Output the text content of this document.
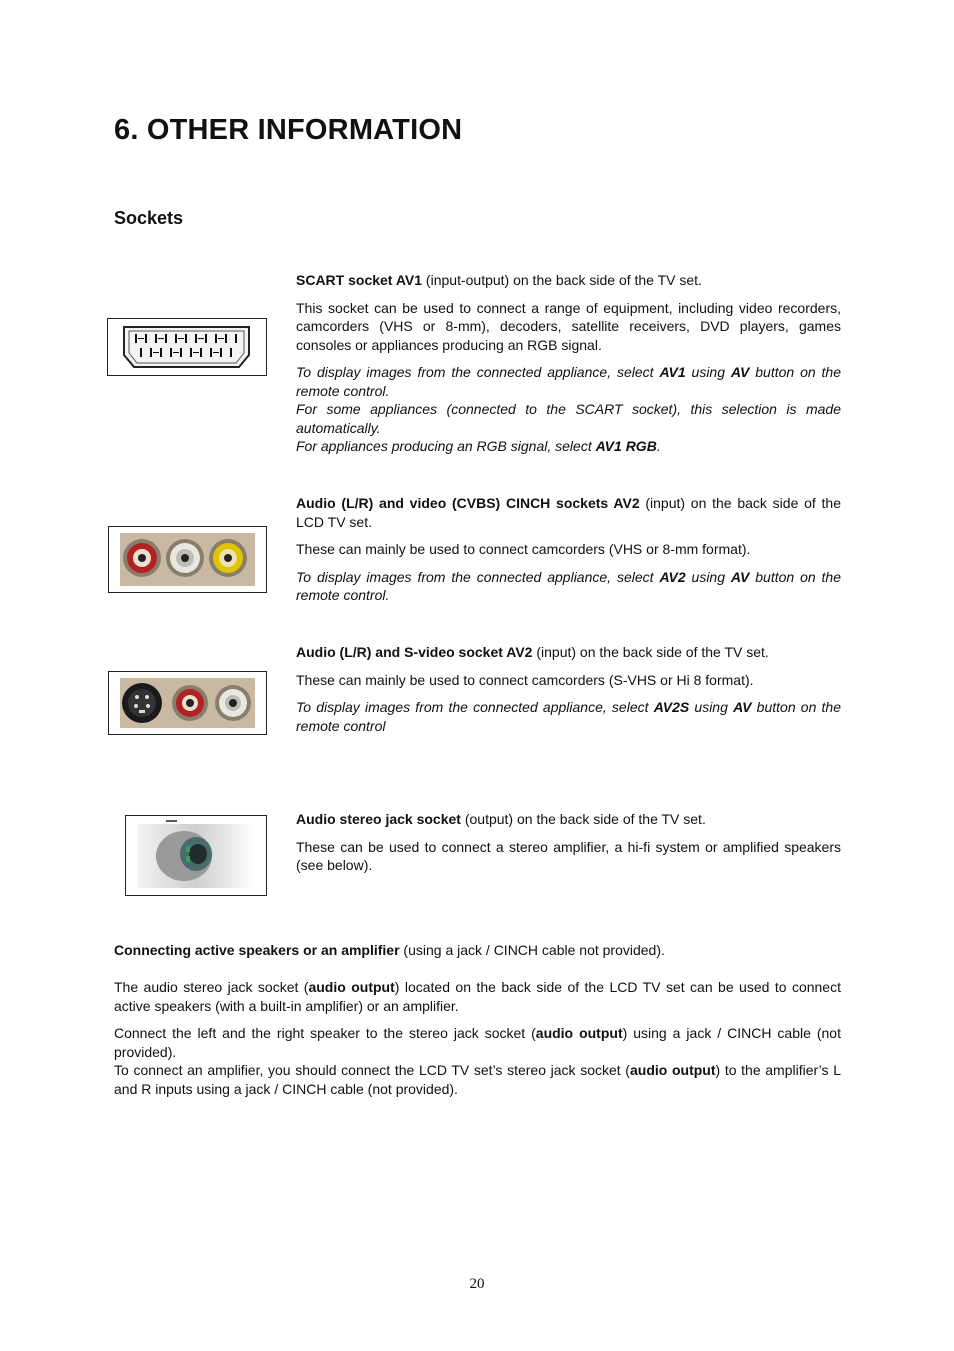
6. OTHER INFORMATION
Sockets

SCART socket AV1 (input-output) on the back side of the TV set.

This socket can be used to connect a range of equipment, including video recorders, camcorders (VHS or 8-mm), decoders, satellite receivers, DVD players, games consoles or appliances producing an RGB signal.

To display images from the connected appliance, select AV1 using AV button on the remote control.

For some appliances (connected to the SCART socket), this selection is made automatically.

For appliances producing an RGB signal, select AV1 RGB.

Audio (L/R) and video (CVBS) CINCH sockets AV2 (input) on the back side of the LCD TV set.

These can mainly be used to connect camcorders (VHS or 8-mm format).

To display images from the connected appliance, select AV2 using AV button on the remote control.

Audio (L/R) and S-video socket AV2 (input) on the back side of the TV set.

These can mainly be used to connect camcorders (S-VHS or Hi 8 format).

To display images from the connected appliance, select AV2S using AV button on the remote control

Audio stereo jack socket (output) on the back side of the TV set.

These can be used to connect a stereo amplifier, a hi-fi system or amplified speakers (see below).

Connecting active speakers or an amplifier (using a jack / CINCH cable not provided).

The audio stereo jack socket (audio output) located on the back side of the LCD TV set can be used to connect active speakers (with a built-in amplifier) or an amplifier.

Connect the left and the right speaker to the stereo jack socket (audio output) using a jack / CINCH cable (not provided).

To connect an amplifier, you should connect the LCD TV set’s stereo jack socket (audio output) to the amplifier’s L and R inputs using a jack / CINCH cable (not provided).

20
